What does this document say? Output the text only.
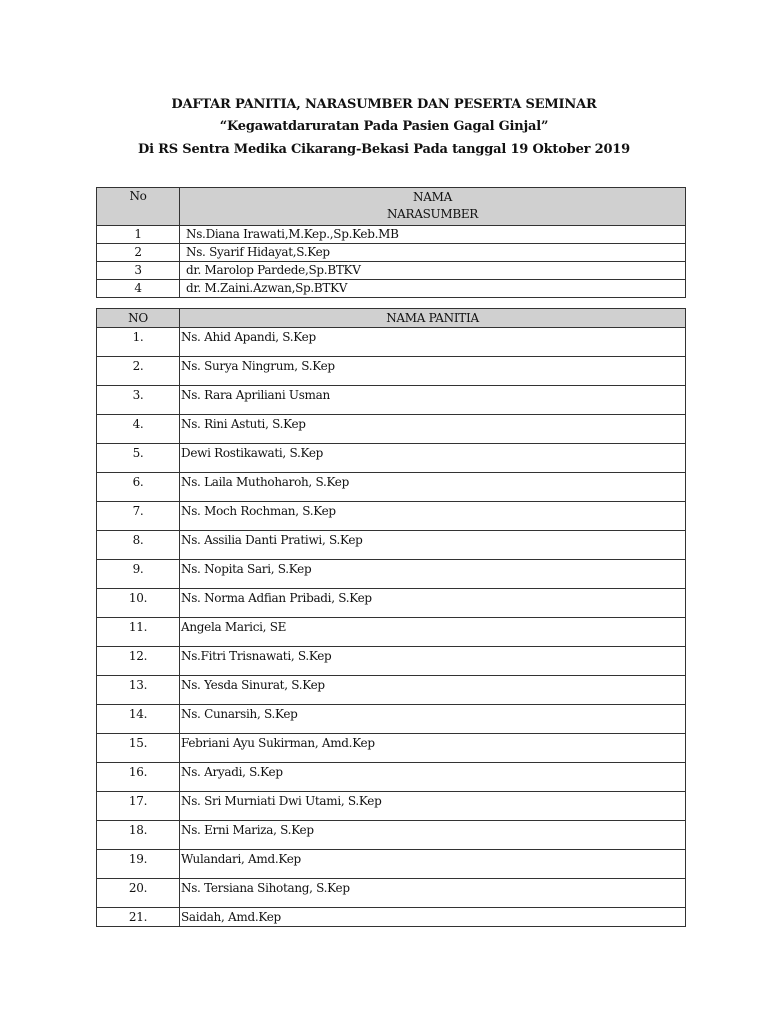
DAFTAR PANITIA, NARASUMBER DAN PESERTA SEMINAR
“Kegawatdaruratan Pada Pasien Gagal Ginjal”
Di RS Sentra Medika Cikarang-Bekasi Pada tanggal 19 Oktober 2019
No	NAMA
NARASUMBER
1	Ns.Diana Irawati,M.Kep.,Sp.Keb.MB
2	Ns. Syarif Hidayat,S.Kep
3	dr. Marolop Pardede,Sp.BTKV
4	dr. M.Zaini.Azwan,Sp.BTKV
NO	NAMA PANITIA
1.	Ns. Ahid Apandi, S.Kep
2.	Ns. Surya Ningrum, S.Kep
3.	Ns. Rara Apriliani Usman
4.	Ns. Rini Astuti, S.Kep
5.	Dewi Rostikawati, S.Kep
6.	Ns. Laila Muthoharoh, S.Kep
7.	Ns. Moch Rochman, S.Kep
8.	Ns. Assilia Danti Pratiwi, S.Kep
9.	Ns. Nopita Sari, S.Kep
10.	Ns. Norma Adfian Pribadi, S.Kep
11.	Angela Marici, SE
12.	Ns.Fitri Trisnawati, S.Kep
13.	Ns. Yesda Sinurat, S.Kep
14.	Ns. Cunarsih, S.Kep
15.	Febriani Ayu Sukirman, Amd.Kep
16.	Ns. Aryadi, S.Kep
17.	Ns. Sri Murniati Dwi Utami, S.Kep
18.	Ns. Erni Mariza, S.Kep
19.	Wulandari, Amd.Kep
20.	Ns. Tersiana Sihotang, S.Kep
21.	Saidah, Amd.Kep
